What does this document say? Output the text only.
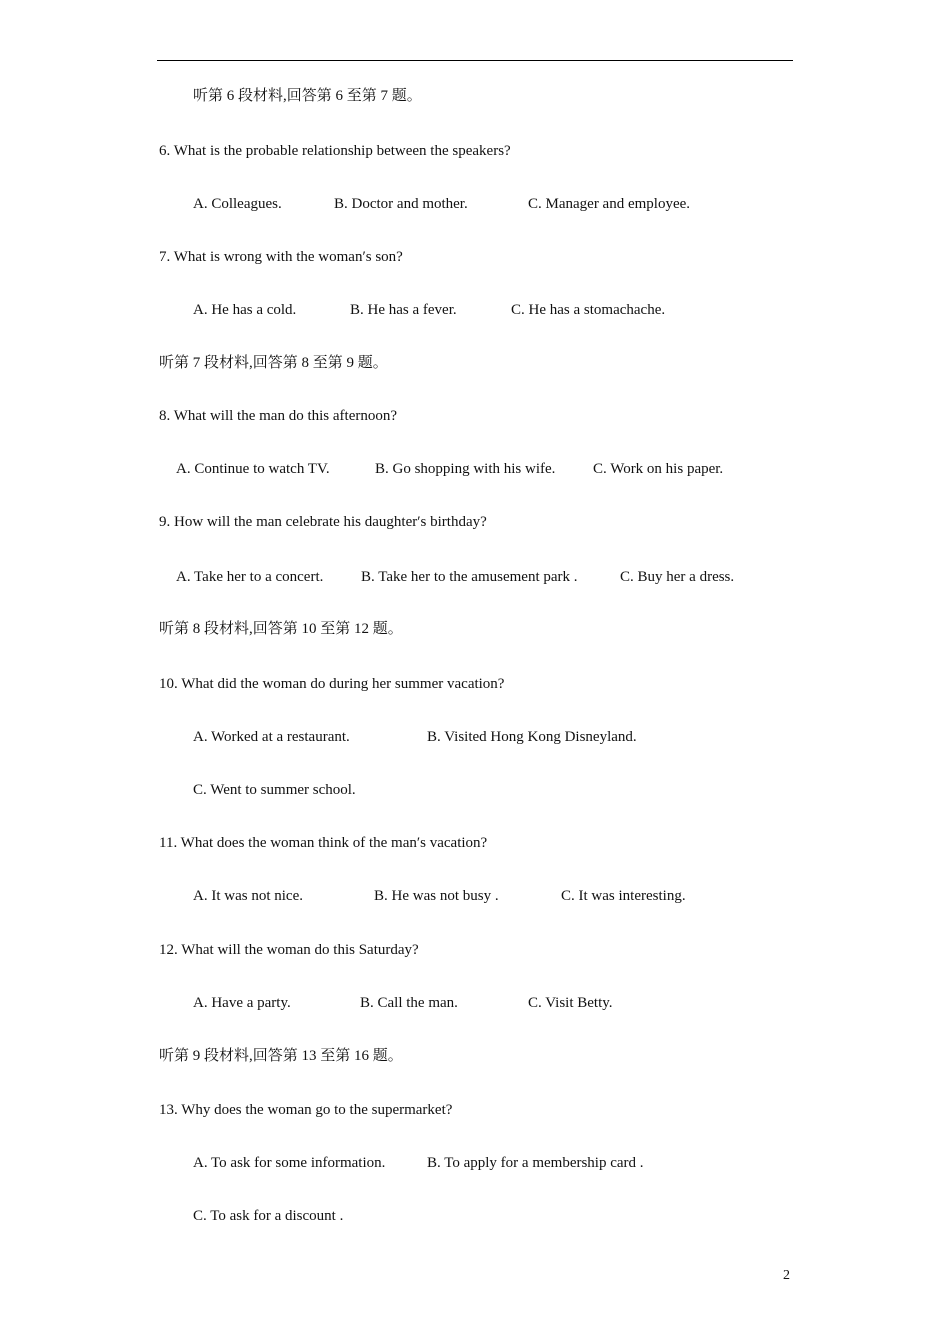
听第 6 段材料,回答第 6 至第 7 题。
6. What is the probable relationship between the speakers?
A. Colleagues.	B. Doctor and mother.	C. Manager and employee.
7. What is wrong with the woman′s son?
A. He has a cold.	B. He has a fever.	C. He has a stomachache.
听第 7 段材料,回答第 8 至第 9 题。
8. What will the man do this afternoon?
A. Continue to watch TV.	B. Go shopping with his wife.	C. Work on his paper.
9. How will the man celebrate his daughter′s birthday?
A. Take her to a concert.	B. Take her to the amusement park .	C. Buy her a dress.
听第 8 段材料,回答第 10 至第 12 题。
10. What did the woman do during her summer vacation?
A. Worked at a restaurant.	B. Visited Hong Kong Disneyland.
C. Went to summer school.
11. What does the woman think of the man′s vacation?
A. It was not nice.	B. He was not busy .	C. It was interesting.
12. What will the woman do this Saturday?
A. Have a party.	B. Call the man.	C. Visit Betty.
听第 9 段材料,回答第 13 至第 16 题。
13. Why does the woman go to the supermarket?
A. To ask for some information.	B. To apply for a membership card .
C. To ask for a discount .
2
